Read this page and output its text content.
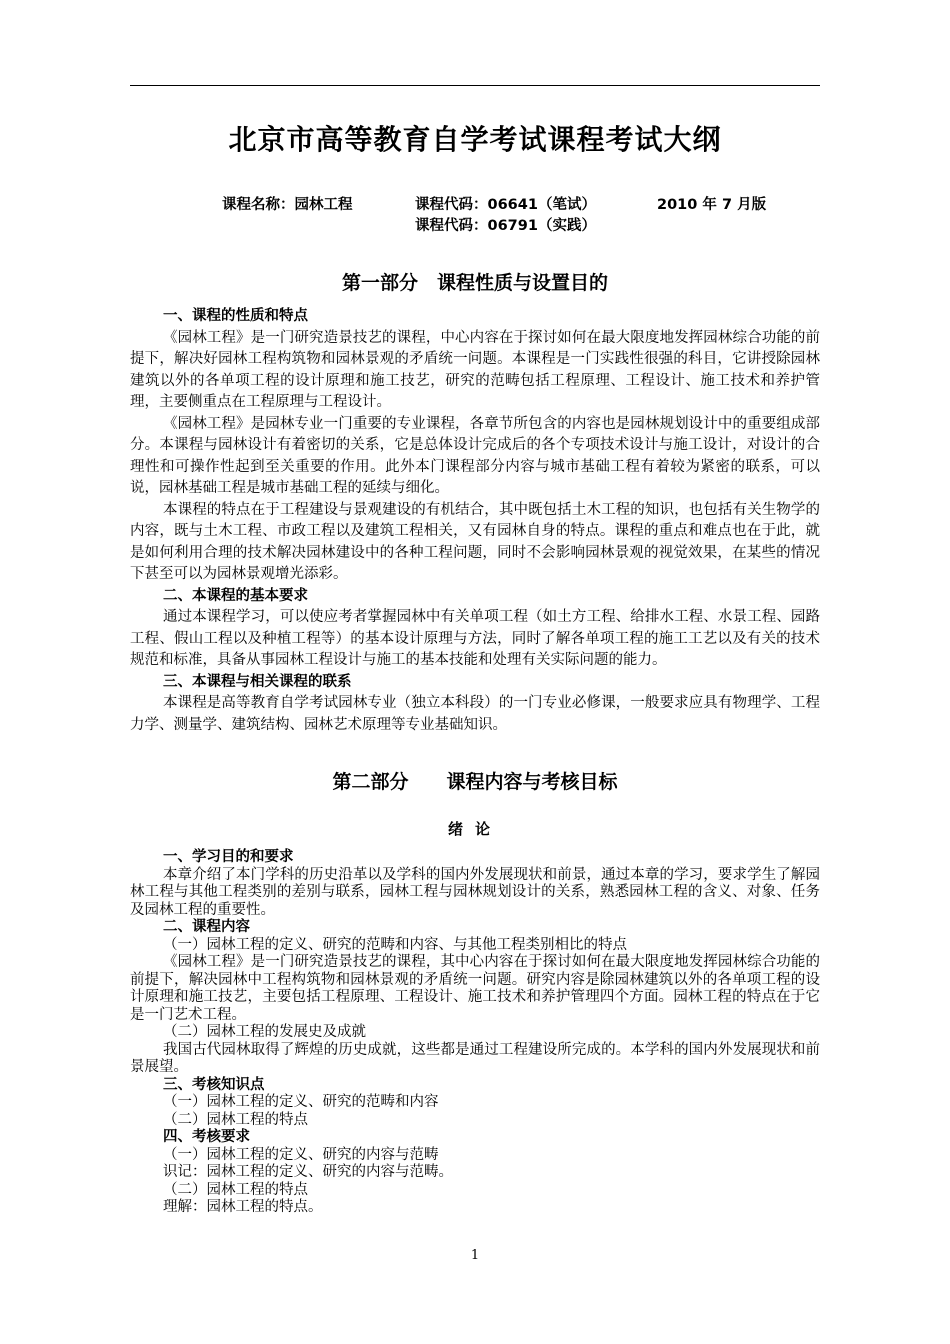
北京市高等教育自学考试课程考试大纲
课程名称：园林工程	课程代码：06641（笔试）	2010 年 7 月版
课程代码：06791（实践）
第一部分　课程性质与设置目的

一、课程的性质和特点

《园林工程》是一门研究造景技艺的课程，中心内容在于探讨如何在最大限度地发挥园林综合功能的前提下，解决好园林工程构筑物和园林景观的矛盾统一问题。本课程是一门实践性很强的科目，它讲授除园林建筑以外的各单项工程的设计原理和施工技艺，研究的范畴包括工程原理、工程设计、施工技术和养护管理，主要侧重点在工程原理与工程设计。

《园林工程》是园林专业一门重要的专业课程，各章节所包含的内容也是园林规划设计中的重要组成部分。本课程与园林设计有着密切的关系，它是总体设计完成后的各个专项技术设计与施工设计，对设计的合理性和可操作性起到至关重要的作用。此外本门课程部分内容与城市基础工程有着较为紧密的联系，可以说，园林基础工程是城市基础工程的延续与细化。

本课程的特点在于工程建设与景观建设的有机结合，其中既包括土木工程的知识，也包括有关生物学的内容，既与土木工程、市政工程以及建筑工程相关，又有园林自身的特点。课程的重点和难点也在于此，就是如何利用合理的技术解决园林建设中的各种工程问题，同时不会影响园林景观的视觉效果，在某些的情况下甚至可以为园林景观增光添彩。

二、本课程的基本要求

通过本课程学习，可以使应考者掌握园林中有关单项工程（如土方工程、给排水工程、水景工程、园路工程、假山工程以及种植工程等）的基本设计原理与方法，同时了解各单项工程的施工工艺以及有关的技术规范和标准，具备从事园林工程设计与施工的基本技能和处理有关实际问题的能力。

三、本课程与相关课程的联系

本课程是高等教育自学考试园林专业（独立本科段）的一门专业必修课，一般要求应具有物理学、工程力学、测量学、建筑结构、园林艺术原理等专业基础知识。

第二部分　　课程内容与考核目标
绪论

一、学习目的和要求

本章介绍了本门学科的历史沿革以及学科的国内外发展现状和前景，通过本章的学习，要求学生了解园林工程与其他工程类别的差别与联系，园林工程与园林规划设计的关系，熟悉园林工程的含义、对象、任务及园林工程的重要性。

二、课程内容

（一）园林工程的定义、研究的范畴和内容、与其他工程类别相比的特点

《园林工程》是一门研究造景技艺的课程，其中心内容在于探讨如何在最大限度地发挥园林综合功能的前提下，解决园林中工程构筑物和园林景观的矛盾统一问题。研究内容是除园林建筑以外的各单项工程的设计原理和施工技艺，主要包括工程原理、工程设计、施工技术和养护管理四个方面。园林工程的特点在于它是一门艺术工程。

（二）园林工程的发展史及成就

我国古代园林取得了辉煌的历史成就，这些都是通过工程建设所完成的。本学科的国内外发展现状和前景展望。

三、考核知识点

（一）园林工程的定义、研究的范畴和内容

（二）园林工程的特点

四、考核要求

（一）园林工程的定义、研究的内容与范畴

识记：园林工程的定义、研究的内容与范畴。

（二）园林工程的特点

理解：园林工程的特点。

1
